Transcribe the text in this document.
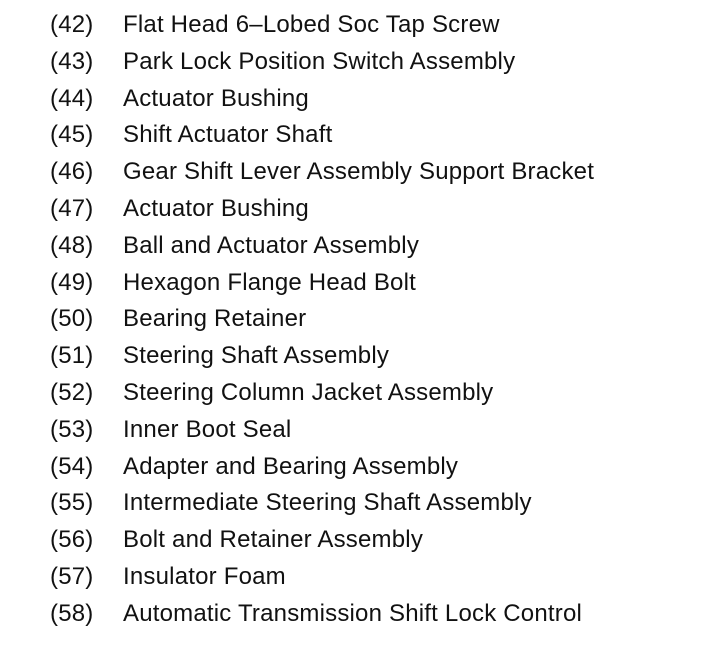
(42)	Flat Head 6–Lobed Soc Tap Screw
(43)	Park Lock Position Switch Assembly
(44)	Actuator Bushing
(45)	Shift Actuator Shaft
(46)	Gear Shift Lever Assembly Support Bracket
(47)	Actuator Bushing
(48)	Ball and Actuator Assembly
(49)	Hexagon Flange Head Bolt
(50)	Bearing Retainer
(51)	Steering Shaft Assembly
(52)	Steering Column Jacket Assembly
(53)	Inner Boot Seal
(54)	Adapter and Bearing Assembly
(55)	Intermediate Steering Shaft Assembly
(56)	Bolt and Retainer Assembly
(57)	Insulator Foam
(58)	Automatic Transmission Shift Lock Control
